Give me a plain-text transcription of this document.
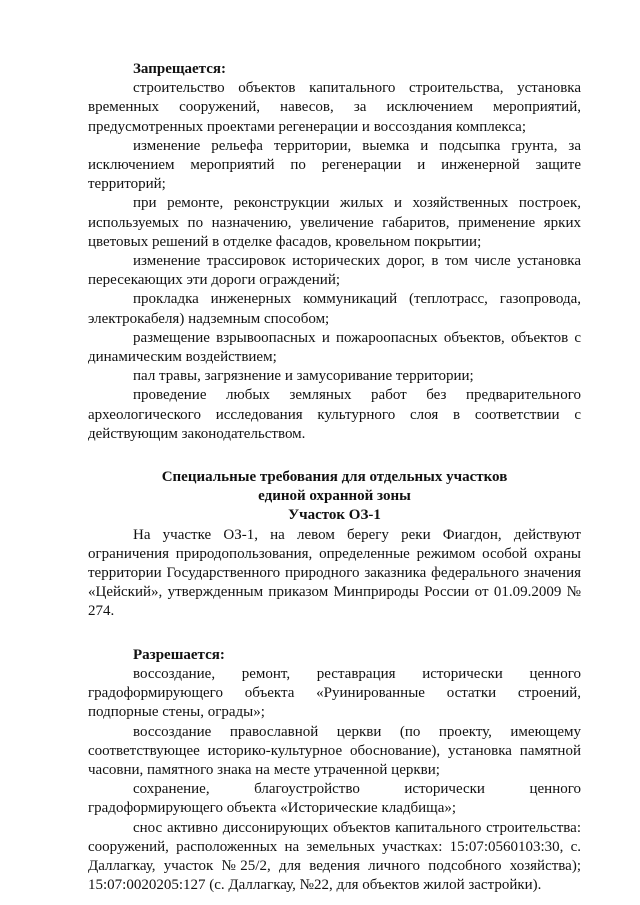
Запрещается:

строительство объектов капитального строительства, установка временных сооружений, навесов, за исключением мероприятий, предусмотренных проектами регенерации и воссоздания комплекса;

изменение рельефа территории, выемка и подсыпка грунта, за исключением мероприятий по регенерации и инженерной защите территорий;

при ремонте, реконструкции жилых и хозяйственных построек, используемых по назначению, увеличение габаритов, применение ярких цветовых решений в отделке фасадов, кровельном покрытии;

изменение трассировок исторических дорог, в том числе установка пересекающих эти дороги ограждений;

прокладка инженерных коммуникаций (теплотрасс, газопровода, электрокабеля) надземным способом;

размещение взрывоопасных и пожароопасных объектов, объектов с динамическим воздействием;

пал травы, загрязнение и замусоривание территории;

проведение любых земляных работ без предварительного археологического исследования культурного слоя в соответствии с действующим законодательством.

Специальные требования для отдельных участков

единой охранной зоны

Участок ОЗ-1

На участке ОЗ-1, на левом берегу реки Фиагдон, действуют ограничения природопользования, определенные режимом особой охраны территории Государственного природного заказника федерального значения «Цейский», утвержденным приказом Минприроды России от 01.09.2009 № 274.

Разрешается:

воссоздание, ремонт, реставрация исторически ценного градоформирующего объекта «Руинированные остатки строений, подпорные стены, ограды»;

воссоздание православной церкви (по проекту, имеющему соответствующее историко-культурное обоснование), установка памятной часовни, памятного знака на месте утраченной церкви;

сохранение, благоустройство исторически ценного градоформирующего объекта «Исторические кладбища»;

снос активно диссонирующих объектов капитального строительства: сооружений, расположенных на земельных участках: 15:07:0560103:30, с. Даллагкау, участок №25/2, для ведения личного подсобного хозяйства); 15:07:0020205:127 (с. Даллагкау, №22, для объектов жилой застройки).
